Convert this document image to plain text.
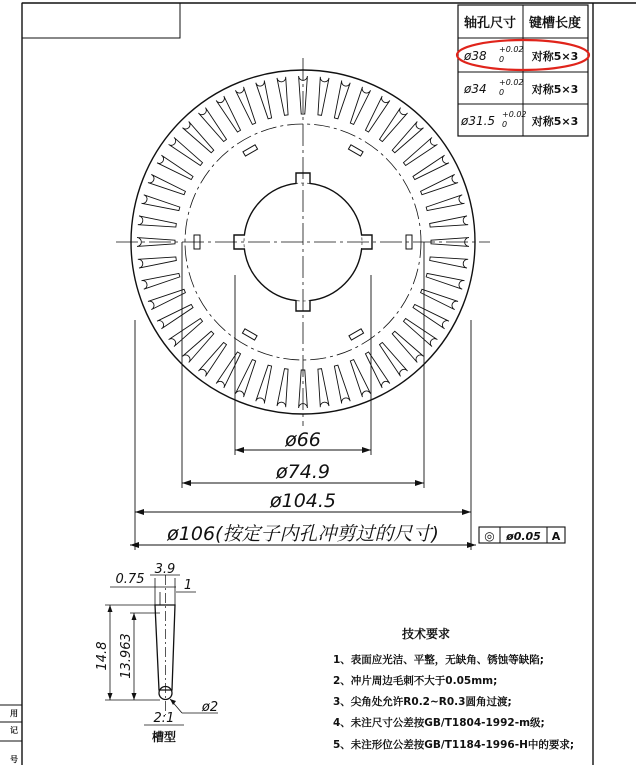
用
记
号
轴孔尺寸 键槽长度
ø38 +0.02
0	对称5×3
ø34 +0.02
0	对称5×3
ø31.5 +0.02
0 对称5×3
ø66
ø74.9
ø104.5
ø106(按定子内孔冲剪过的尺寸)	◎ ø0.05 A
0.75
3.9
1
14.8 13.963
ø2
2:1
槽型
技术要求
1、表面应光洁、平整，无缺角、锈蚀等缺陷;
2、冲片周边毛刺不大于0.05mm;
3、尖角处允许R0.2~R0.3圆角过渡;
4、未注尺寸公差按GB/T1804-1992-m级;
5、未注形位公差按GB/T1184-1996-H中的要求;
